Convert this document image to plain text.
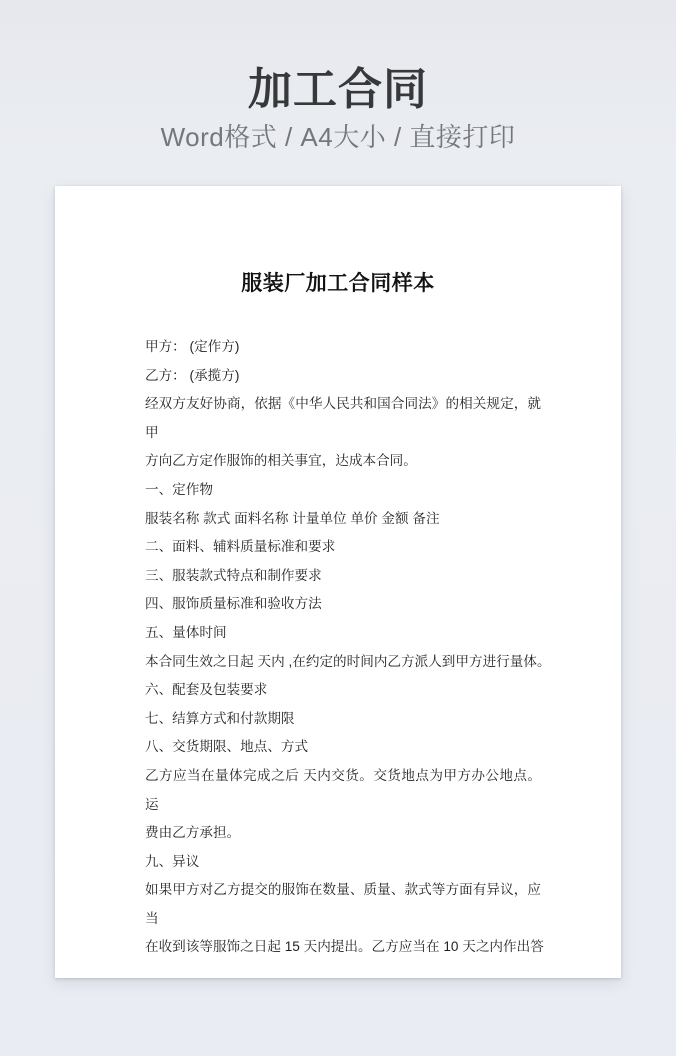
加工合同
Word格式 / A4大小 / 直接打印
服装厂加工合同样本
甲方： (定作方)
乙方： (承揽方)
经双方友好协商，依据《中华人民共和国合同法》的相关规定，就甲
方向乙方定作服饰的相关事宜，达成本合同。
一、定作物
服装名称 款式 面料名称 计量单位 单价 金额 备注
二、面料、辅料质量标准和要求
三、服装款式特点和制作要求
四、服饰质量标准和验收方法
五、量体时间
本合同生效之日起 天内 ,在约定的时间内乙方派人到甲方进行量体。
六、配套及包装要求
七、结算方式和付款期限
八、交货期限、地点、方式
乙方应当在量体完成之后 天内交货。交货地点为甲方办公地点。运
费由乙方承担。
九、异议
如果甲方对乙方提交的服饰在数量、质量、款式等方面有异议，应当
在收到该等服饰之日起 15 天内提出。乙方应当在 10 天之内作出答
